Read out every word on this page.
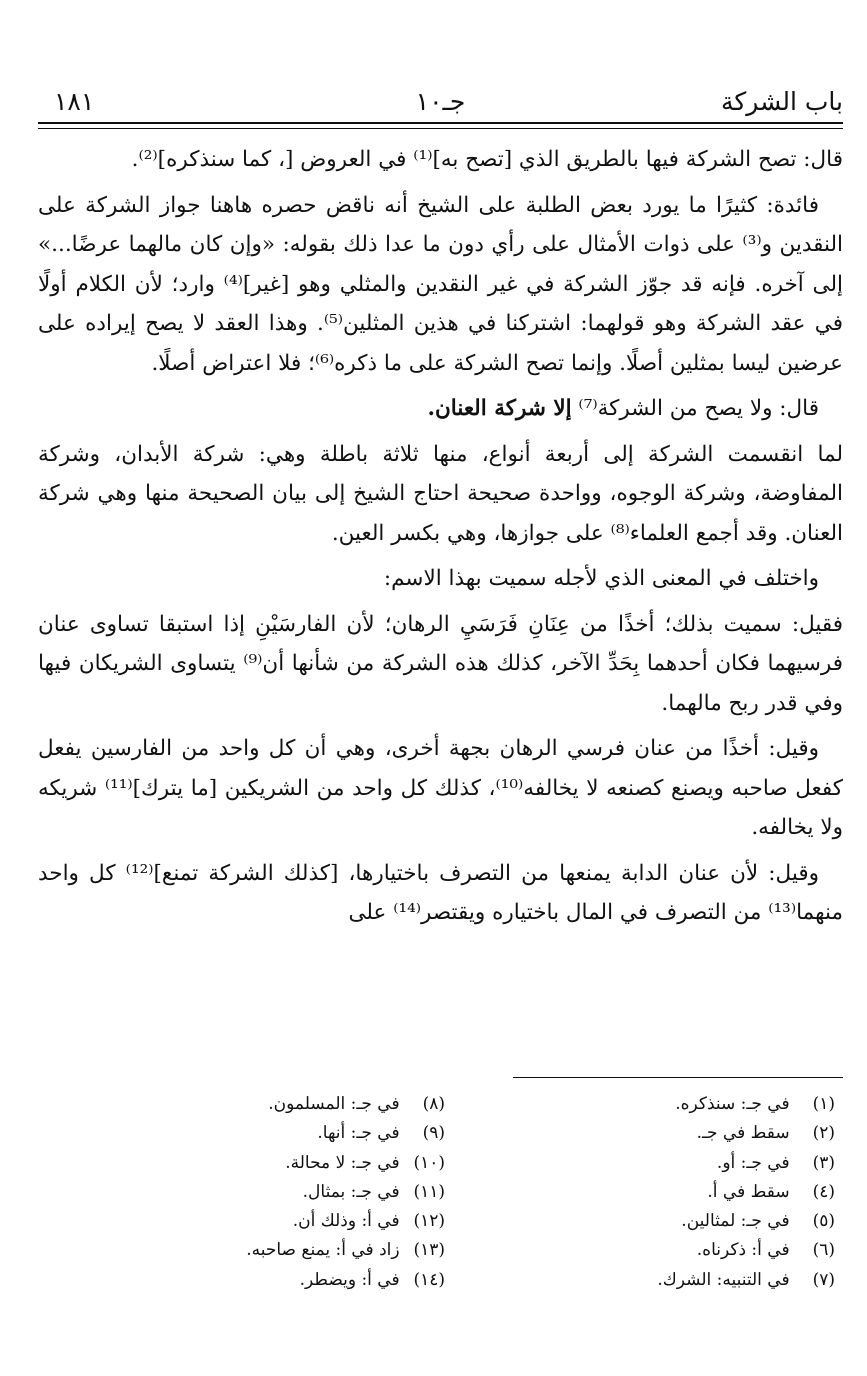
باب الشركة
جـ١٠
١٨١

قال: تصح الشركة فيها بالطريق الذي [تصح به]⁽¹⁾ في العروض [، كما سنذكره]⁽²⁾.

فائدة: كثيرًا ما يورد بعض الطلبة على الشيخ أنه ناقض حصره هاهنا جواز الشركة على النقدين و⁽³⁾ على ذوات الأمثال على رأي دون ما عدا ذلك بقوله: «وإن كان مالهما عرضًا...» إلى آخره. فإنه قد جوّز الشركة في غير النقدين والمثلي وهو [غير]⁽⁴⁾ وارد؛ لأن الكلام أولًا في عقد الشركة وهو قولهما: اشتركنا في هذين المثلين⁽⁵⁾. وهذا العقد لا يصح إيراده على عرضين ليسا بمثلين أصلًا. وإنما تصح الشركة على ما ذكره⁽⁶⁾؛ فلا اعتراض أصلًا.

قال: ولا يصح من الشركة⁽⁷⁾ إلا شركة العنان.

لما انقسمت الشركة إلى أربعة أنواع، منها ثلاثة باطلة وهي: شركة الأبدان، وشركة المفاوضة، وشركة الوجوه، وواحدة صحيحة احتاج الشيخ إلى بيان الصحيحة منها وهي شركة العنان. وقد أجمع العلماء⁽⁸⁾ على جوازها، وهي بكسر العين.

واختلف في المعنى الذي لأجله سميت بهذا الاسم:

فقيل: سميت بذلك؛ أخذًا من عِنَانِ فَرَسَيِ الرهان؛ لأن الفارسَيْنِ إذا استبقا تساوى عنان فرسيهما فكان أحدهما بِحَدِّ الآخر، كذلك هذه الشركة من شأنها أن⁽⁹⁾ يتساوى الشريكان فيها وفي قدر ربح مالهما.

وقيل: أخذًا من عنان فرسي الرهان بجهة أخرى، وهي أن كل واحد من الفارسين يفعل كفعل صاحبه ويصنع كصنعه لا يخالفه⁽¹⁰⁾، كذلك كل واحد من الشريكين [ما يترك]⁽¹¹⁾ شريكه ولا يخالفه.

وقيل: لأن عنان الدابة يمنعها من التصرف باختيارها، [كذلك الشركة تمنع]⁽¹²⁾ كل واحد منهما⁽¹³⁾ من التصرف في المال باختياره ويقتصر⁽¹⁴⁾ على

(١) في جـ: سنذكره.
(٢) سقط في جـ.
(٣) في جـ: أو.
(٤) سقط في أ.
(٥) في جـ: لمثالين.
(٦) في أ: ذكرناه.
(٧) في التنبيه: الشرك.
(٨) في جـ: المسلمون.
(٩) في جـ: أنها.
(١٠) في جـ: لا محالة.
(١١) في جـ: بمثال.
(١٢) في أ: وذلك أن.
(١٣) زاد في أ: يمنع صاحبه.
(١٤) في أ: ويضطر.
